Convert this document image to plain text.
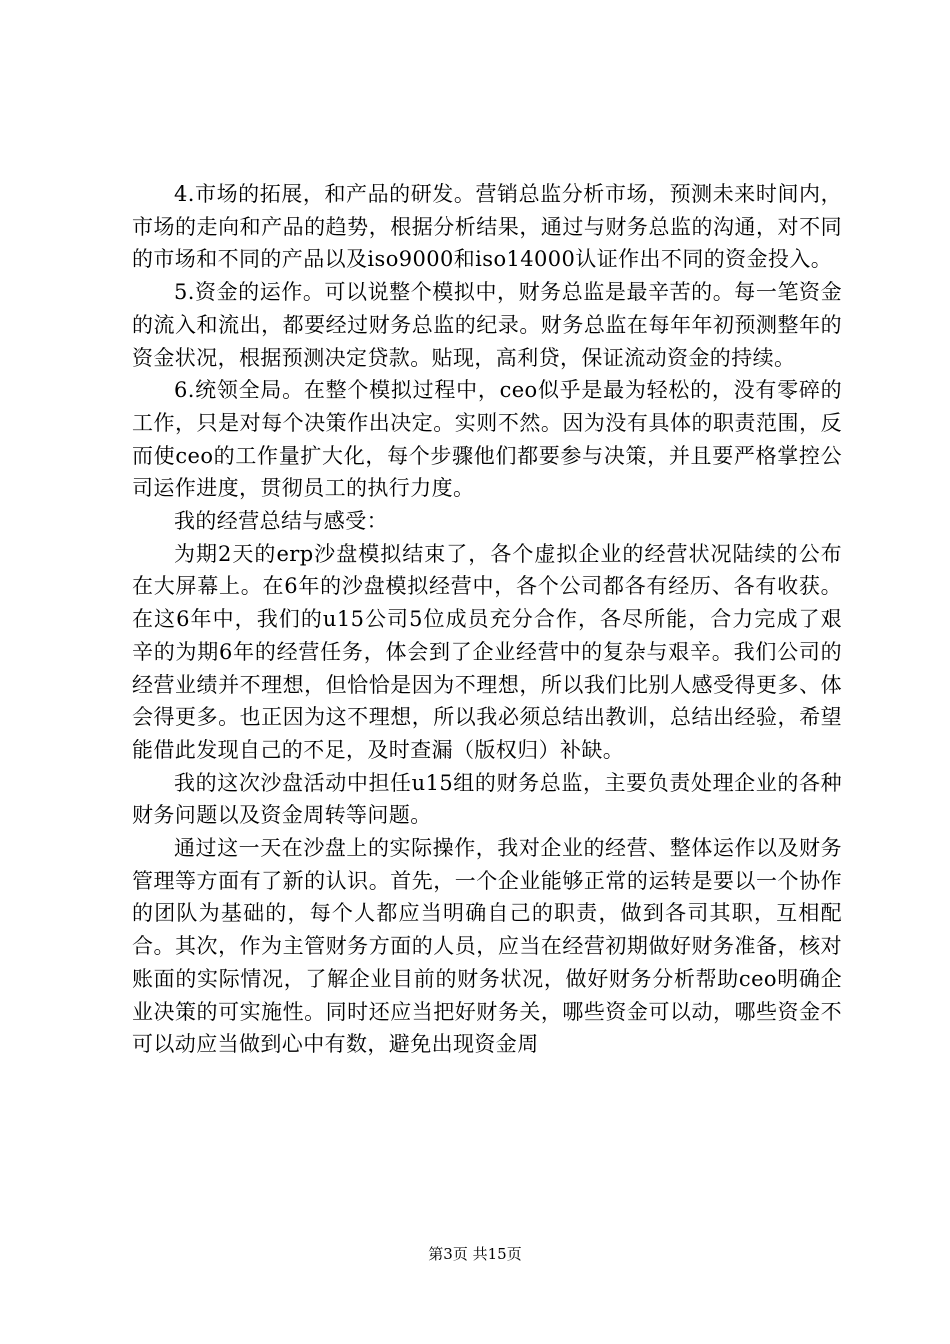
4.市场的拓展，和产品的研发。营销总监分析市场，预测未来时间内，市场的走向和产品的趋势，根据分析结果，通过与财务总监的沟通，对不同的市场和不同的产品以及iso9000和iso14000认证作出不同的资金投入。

5.资金的运作。可以说整个模拟中，财务总监是最辛苦的。每一笔资金的流入和流出，都要经过财务总监的纪录。财务总监在每年年初预测整年的资金状况，根据预测决定贷款。贴现，高利贷，保证流动资金的持续。

6.统领全局。在整个模拟过程中，ceo似乎是最为轻松的，没有零碎的工作，只是对每个决策作出决定。实则不然。因为没有具体的职责范围，反而使ceo的工作量扩大化，每个步骤他们都要参与决策，并且要严格掌控公司运作进度，贯彻员工的执行力度。

我的经营总结与感受：

为期2天的erp沙盘模拟结束了，各个虚拟企业的经营状况陆续的公布在大屏幕上。在6年的沙盘模拟经营中，各个公司都各有经历、各有收获。在这6年中，我们的u15公司5位成员充分合作，各尽所能，合力完成了艰辛的为期6年的经营任务，体会到了企业经营中的复杂与艰辛。我们公司的经营业绩并不理想，但恰恰是因为不理想，所以我们比别人感受得更多、体会得更多。也正因为这不理想，所以我必须总结出教训，总结出经验，希望能借此发现自己的不足，及时查漏（版权归）补缺。

我的这次沙盘活动中担任u15组的财务总监，主要负责处理企业的各种财务问题以及资金周转等问题。

通过这一天在沙盘上的实际操作，我对企业的经营、整体运作以及财务管理等方面有了新的认识。首先，一个企业能够正常的运转是要以一个协作的团队为基础的，每个人都应当明确自己的职责，做到各司其职，互相配合。其次，作为主管财务方面的人员，应当在经营初期做好财务准备，核对账面的实际情况，了解企业目前的财务状况，做好财务分析帮助ceo明确企业决策的可实施性。同时还应当把好财务关，哪些资金可以动，哪些资金不可以动应当做到心中有数，避免出现资金周

第3页 共15页
